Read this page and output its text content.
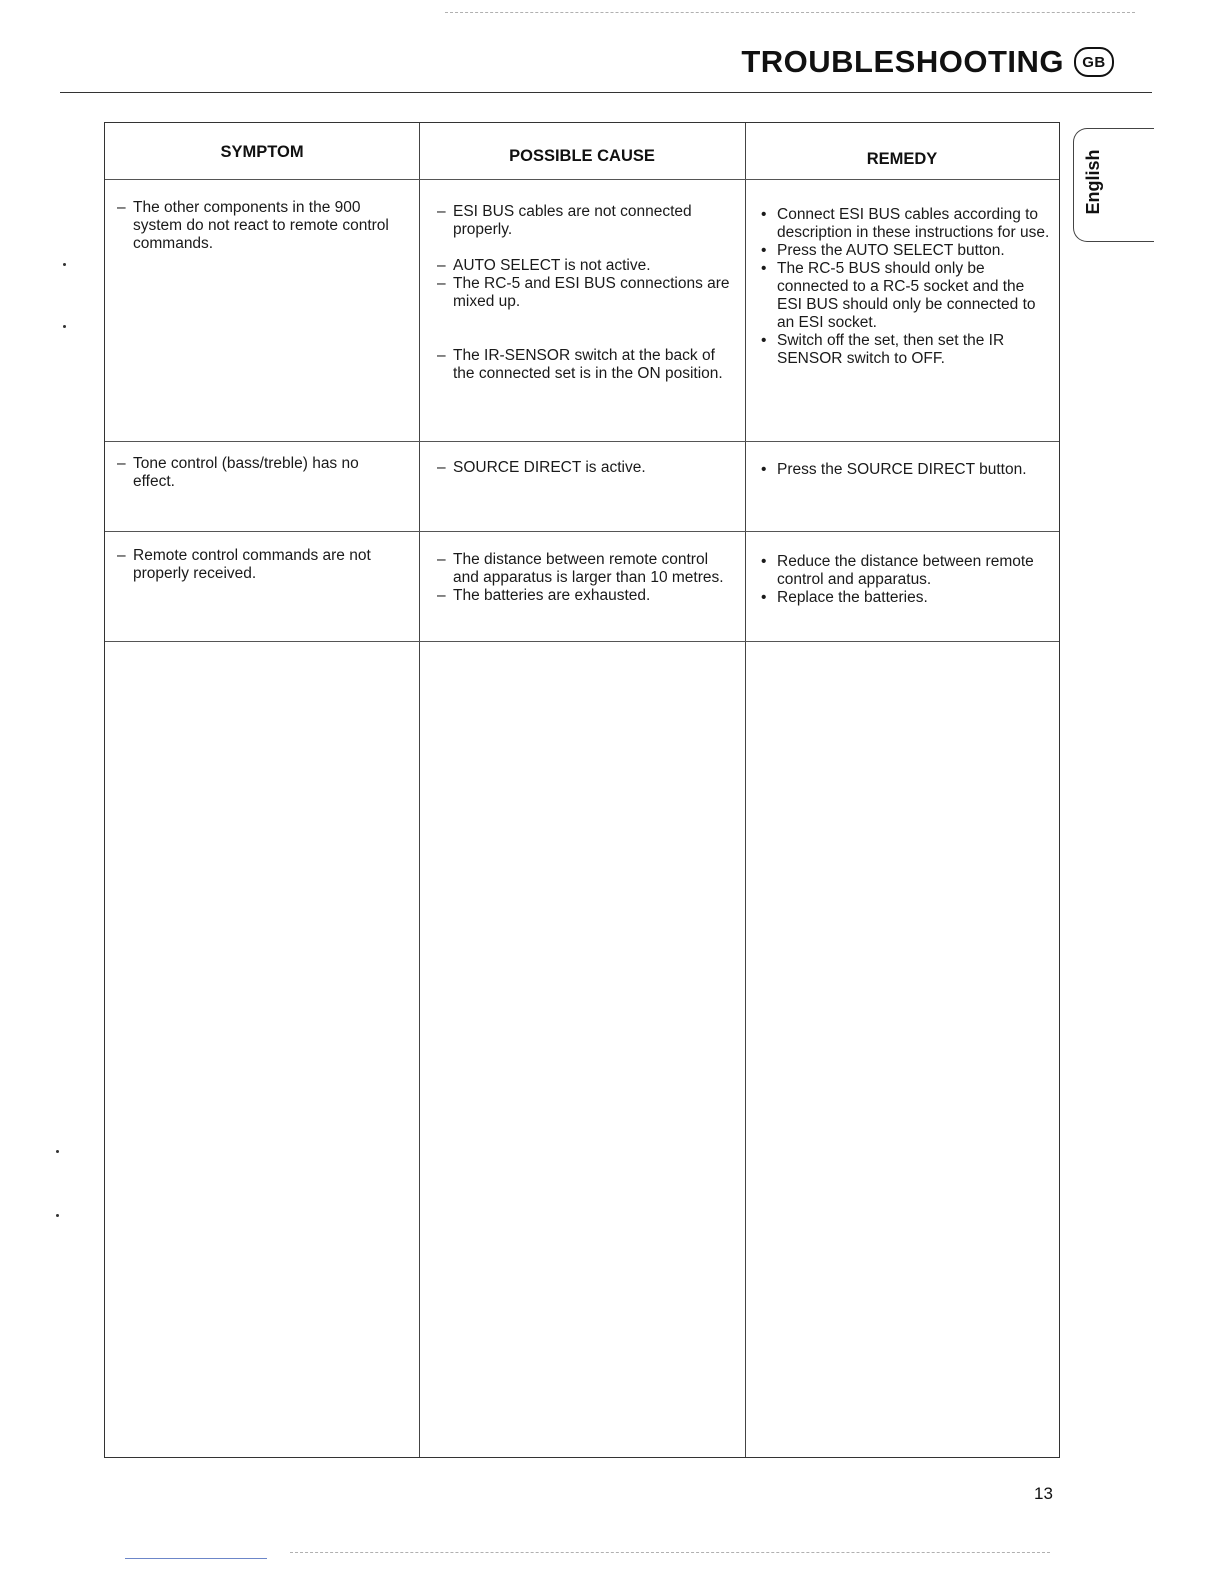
TROUBLESHOOTING	GB
English
SYMPTOM	POSSIBLE CAUSE	REMEDY

– The other components in the 900 system do not react to remote control commands.

– ESI BUS cables are not connected properly.

– AUTO SELECT is not active.

– The RC-5 and ESI BUS connections are mixed up.

– The IR-SENSOR switch at the back of the connected set is in the ON position.

• Connect ESI BUS cables according to description in these instructions for use.

• Press the AUTO SELECT button.

• The RC-5 BUS should only be connected to a RC-5 socket and the ESI BUS should only be connected to an ESI socket.

• Switch off the set, then set the IR SENSOR switch to OFF.

– Tone control (bass/treble) has no effect.

– SOURCE DIRECT is active.

•	Press the SOURCE DIRECT button.

– Remote control commands are not properly received.

– The distance between remote control and apparatus is larger than 10 metres.

– The batteries are exhausted.

• Reduce the distance between remote control and apparatus.

• Replace the batteries.

13
